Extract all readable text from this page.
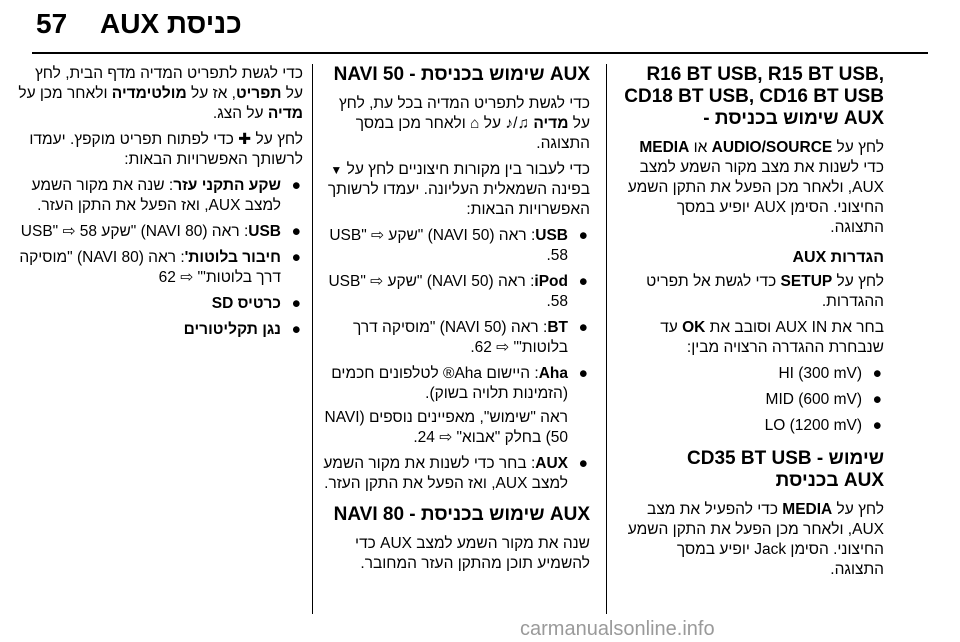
57 AUX כניסת
R16 BT USB, R15 BT USB, CD18 BT USB, CD16 BT USB - שימוש בכניסת AUX

לחץ על AUDIO/SOURCE או MEDIA כדי לשנות את מצב מקור השמע למצב AUX, ולאחר מכן הפעל את התקן השמע החיצוני. הסימן AUX יופיע במסך התצוגה.

הגדרות AUX

לחץ על SETUP כדי לגשת אל תפריט ההגדרות.

בחר את AUX IN וסובב את OK עד שנבחרת ההגדרה הרצויה מבין:

●
HI (300 mV)
●
MID (600 mV)
●
LO (1200 mV)
CD35 BT USB - שימוש בכניסת AUX

לחץ על MEDIA כדי להפעיל את מצב AUX, ולאחר מכן הפעל את התקן השמע החיצוני. הסימן Jack יופיע במסך התצוגה.

NAVI 50 - שימוש בכניסת AUX

כדי לגשת לתפריט המדיה בכל עת, לחץ על מדיה ♫/♪ על ⌂ ולאחר מכן במסך התצוגה.

כדי לעבור בין מקורות חיצוניים לחץ על ▼ בפינה השמאלית העליונה. יעמדו לרשותך האפשרויות הבאות:

●
USB: ראה (NAVI 50) "שקע USB" ⇨ 58.
●
iPod: ראה (NAVI 50) "שקע USB" ⇨ 58.
●
BT: ראה (NAVI 50) "מוסיקה דרך בלוטות'" ⇨ 62.
●

Aha: היישום Aha® לטלפונים חכמים (הזמינות תלויה בשוק).

ראה "שימוש", מאפיינים נוספים (NAVI 50) בחלק "אבוא" ⇨ 24.

●
AUX: בחר כדי לשנות את מקור השמע למצב AUX, ואז הפעל את התקן העזר.
NAVI 80 - שימוש בכניסת AUX

שנה את מקור השמע למצב AUX כדי להשמיע תוכן מהתקן העזר המחובר.

כדי לגשת לתפריט המדיה מדף הבית, לחץ על תפריט, אז על מולטימדיה ולאחר מכן על מדיה על הצג.

לחץ על ✚ כדי לפתוח תפריט מוקפץ. יעמדו לרשותך האפשרויות הבאות:

●
שקע התקני עזר: שנה את מקור השמע למצב AUX, ואז הפעל את התקן העזר.
●
USB: ראה (NAVI 80) "שקע USB" ⇨ 58
●
חיבור בלוטות': ראה (NAVI 80) "מוסיקה דרך בלוטות'" ⇨ 62
●
כרטיס SD
●
נגן תקליטורים
carmanualsonline.info
